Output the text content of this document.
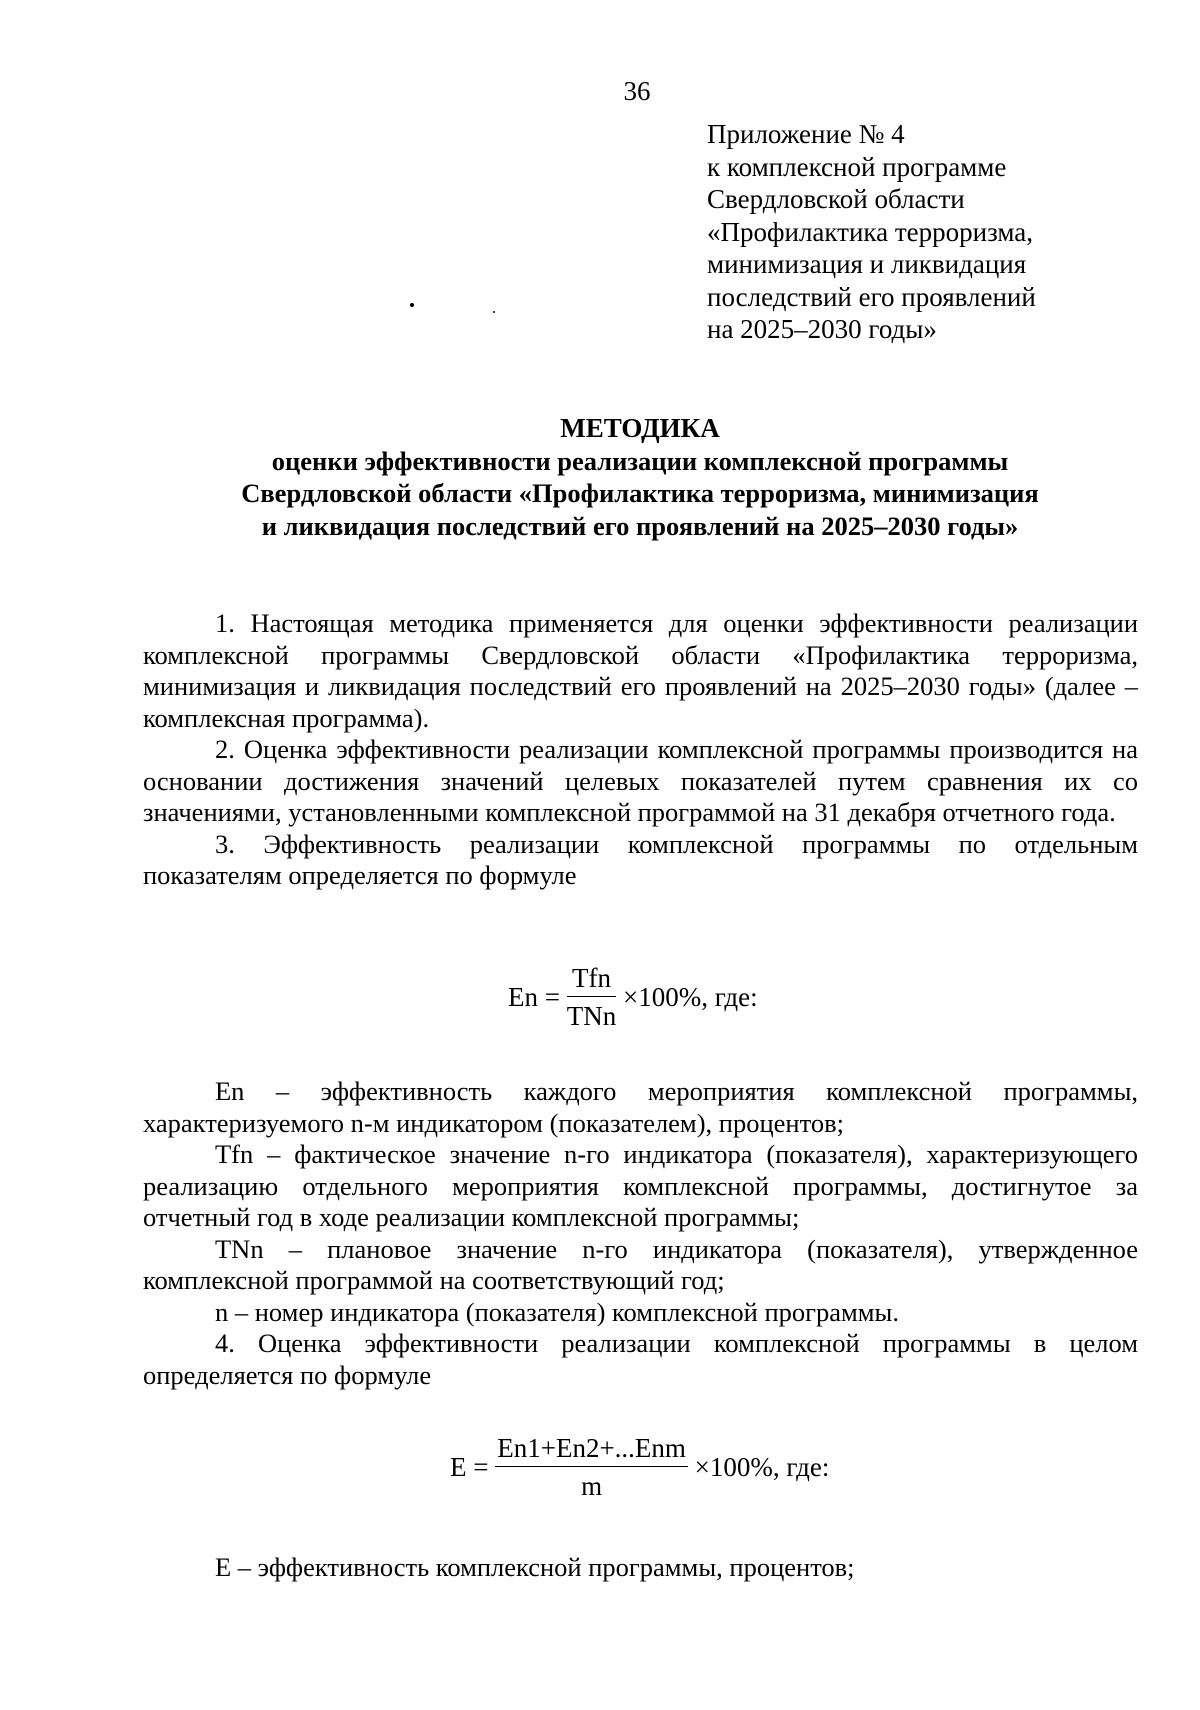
36
Приложение № 4
к комплексной программе
Свердловской области
«Профилактика терроризма,
минимизация и ликвидация
последствий его проявлений
на 2025–2030 годы»
МЕТОДИКА
оценки эффективности реализации комплексной программы
Свердловской области «Профилактика терроризма, минимизация
и ликвидация последствий его проявлений на 2025–2030 годы»

1. Настоящая методика применяется для оценки эффективности реализации комплексной программы Свердловской области «Профилактика терроризма, минимизация и ликвидация последствий его проявлений на 2025–2030 годы» (далее – комплексная программа).

2. Оценка эффективности реализации комплексной программы производится на основании достижения значений целевых показателей путем сравнения их со значениями, установленными комплексной программой на 31 декабря отчетного года.

3. Эффективность реализации комплексной программы по отдельным показателям определяется по формуле

$En = \frac{\text{Tfn}}{\text{TNn}} \times 100\%$, где:

En – эффективность каждого мероприятия комплексной программы, характеризуемого n-м индикатором (показателем), процентов;

Tfn – фактическое значение n-го индикатора (показателя), характеризующего реализацию отдельного мероприятия комплексной программы, достигнутое за отчетный год в ходе реализации комплексной программы;

TNn – плановое значение n-го индикатора (показателя), утвержденное комплексной программой на соответствующий год;

n – номер индикатора (показателя) комплексной программы.

4. Оценка эффективности реализации комплексной программы в целом определяется по формуле

$E = \frac{\text{En1+En2+...Enm}}{m} \times 100\%$, где:

E – эффективность комплексной программы, процентов;
